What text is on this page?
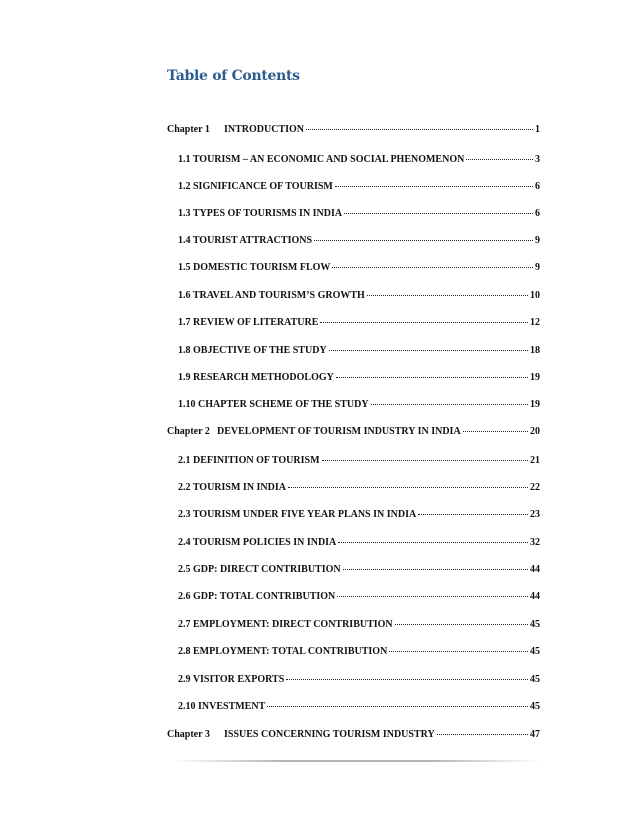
Table of Contents
Chapter 1	INTRODUCTION	1
1.1 TOURISM – AN ECONOMIC AND SOCIAL PHENOMENON	3
1.2 SIGNIFICANCE OF TOURISM	6
1.3 TYPES OF TOURISMS IN INDIA	6
1.4 TOURIST ATTRACTIONS	9
1.5 DOMESTIC TOURISM FLOW	9
1.6 TRAVEL AND TOURISM’S GROWTH	10
1.7 REVIEW OF LITERATURE	12
1.8 OBJECTIVE OF THE STUDY	18
1.9 RESEARCH METHODOLOGY	19
1.10 CHAPTER SCHEME OF THE STUDY	19
Chapter 2 DEVELOPMENT OF TOURISM INDUSTRY IN INDIA	20
2.1 DEFINITION OF TOURISM	21
2.2 TOURISM IN INDIA	22
2.3 TOURISM UNDER FIVE YEAR PLANS IN INDIA	23
2.4 TOURISM POLICIES IN INDIA	32
2.5 GDP: DIRECT CONTRIBUTION	44
2.6 GDP: TOTAL CONTRIBUTION	44
2.7 EMPLOYMENT: DIRECT CONTRIBUTION	45
2.8 EMPLOYMENT: TOTAL CONTRIBUTION	45
2.9 VISITOR EXPORTS	45
2.10 INVESTMENT	45
Chapter 3	ISSUES CONCERNING TOURISM INDUSTRY	47
